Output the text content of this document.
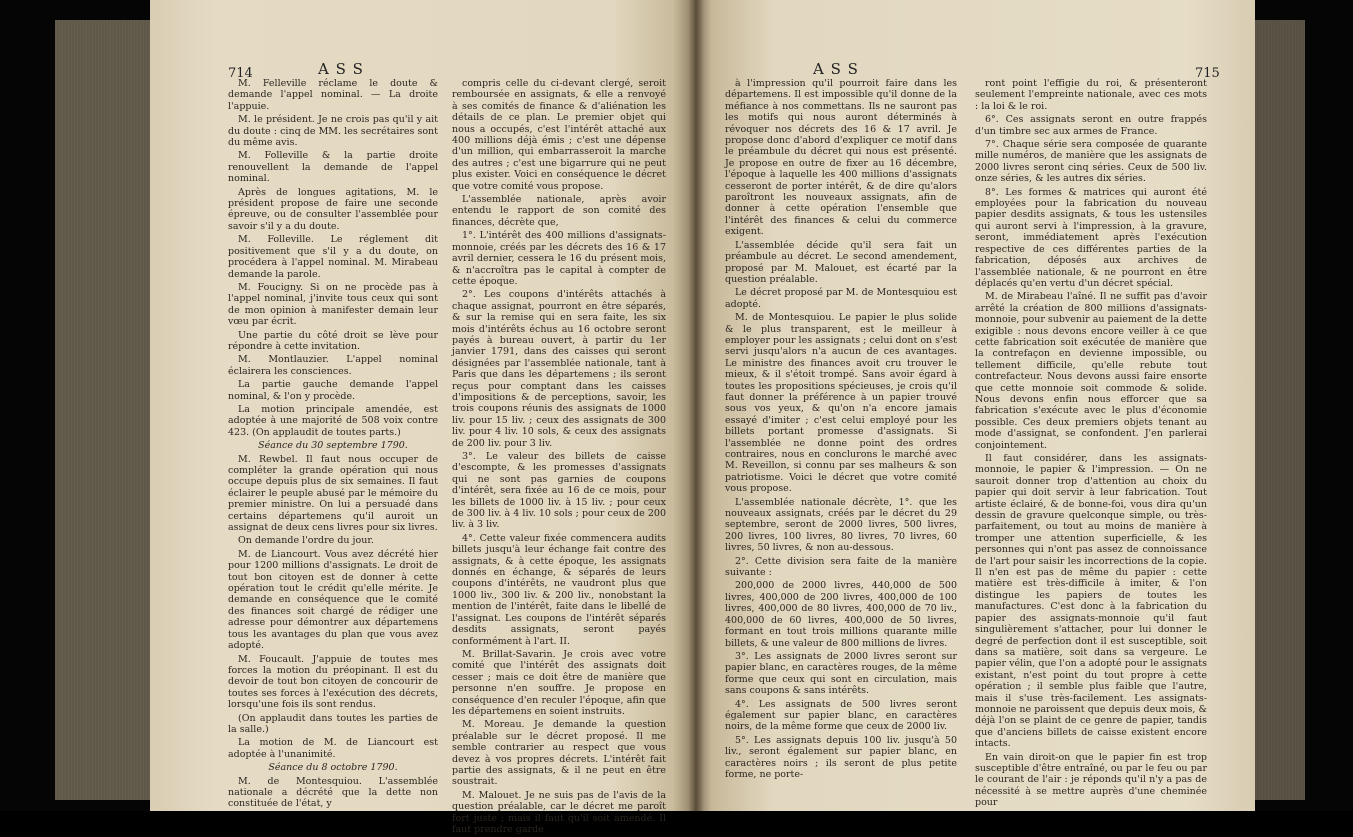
714	A S S

M. Felleville réclame le doute & demande l'appel nominal. — La droite l'appuie.

M. le président. Je ne crois pas qu'il y ait du doute : cinq de MM. les secrétaires sont du même avis.

M. Folleville & la partie droite renouvellent la demande de l'appel nominal.

Après de longues agitations, M. le président propose de faire une seconde épreuve, ou de consulter l'assemblée pour savoir s'il y a du doute.

M. Folleville. Le réglement dit positivement que s'il y a du doute, on procédera à l'appel nominal. M. Mirabeau demande la parole.

M. Foucigny. Si on ne procède pas à l'appel nominal, j'invite tous ceux qui sont de mon opinion à manifester demain leur vœu par écrit.

Une partie du côté droit se lève pour répondre à cette invitation.

M. Montlauzier. L'appel nominal éclairera les consciences.

La partie gauche demande l'appel nominal, & l'on y procède.

La motion principale amendée, est adoptée à une majorité de 508 voix contre 423. (On applaudit de toutes parts.)

Séance du 30 septembre 1790.

M. Rewbel. Il faut nous occuper de compléter la grande opération qui nous occupe depuis plus de six semaines. Il faut éclairer le peuple abusé par le mémoire du premier ministre. On lui a persuadé dans certains départemens qu'il auroit un assignat de deux cens livres pour six livres.

On demande l'ordre du jour.

M. de Liancourt. Vous avez décrété hier pour 1200 millions d'assignats. Le droit de tout bon citoyen est de donner à cette opération tout le crédit qu'elle mérite. Je demande en conséquence que le comité des finances soit chargé de rédiger une adresse pour démontrer aux départemens tous les avantages du plan que vous avez adopté.

M. Foucault. J'appuie de toutes mes forces la motion du préopinant. Il est du devoir de tout bon citoyen de concourir de toutes ses forces à l'exécution des décrets, lorsqu'une fois ils sont rendus.

(On applaudit dans toutes les parties de la salle.)

La motion de M. de Liancourt est adoptée à l'unanimité.

Séance du 8 octobre 1790.

M. de Montesquiou. L'assemblée nationale a décrété que la dette non constituée de l'état, y

compris celle du ci-devant clergé, seroit remboursée en assignats, & elle a renvoyé à ses comités de finance & d'aliénation les détails de ce plan. Le premier objet qui nous a occupés, c'est l'intérêt attaché aux 400 millions déjà émis ; c'est une dépense d'un million, qui embarrasseroit la marche des autres ; c'est une bigarrure qui ne peut plus exister. Voici en conséquence le décret que votre comité vous propose.

L'assemblée nationale, après avoir entendu le rapport de son comité des finances, décrète que,

1°. L'intérêt des 400 millions d'assignats-monnoie, créés par les décrets des 16 & 17 avril dernier, cessera le 16 du présent mois, & n'accroîtra pas le capital à compter de cette époque.

2°. Les coupons d'intérêts attachés à chaque assignat, pourront en être séparés, & sur la remise qui en sera faite, les six mois d'intérêts échus au 16 octobre seront payés à bureau ouvert, à partir du 1er janvier 1791, dans des caisses qui seront désignées par l'assemblée nationale, tant à Paris que dans les départemens ; ils seront reçus pour comptant dans les caisses d'impositions & de perceptions, savoir, les trois coupons réunis des assignats de 1000 liv. pour 15 liv. ; ceux des assignats de 300 liv. pour 4 liv. 10 sols, & ceux des assignats de 200 liv. pour 3 liv.

3°. Le valeur des billets de caisse d'escompte, & les promesses d'assignats qui ne sont pas garnies de coupons d'intérêt, sera fixée au 16 de ce mois, pour les billets de 1000 liv. à 15 liv. ; pour ceux de 300 liv. à 4 liv. 10 sols ; pour ceux de 200 liv. à 3 liv.

4°. Cette valeur fixée commencera audits billets jusqu'à leur échange fait contre des assignats, & à cette époque, les assignats donnés en échange, & séparés de leurs coupons d'intérêts, ne vaudront plus que 1000 liv., 300 liv. & 200 liv., nonobstant la mention de l'intérêt, faite dans le libellé de l'assignat. Les coupons de l'intérêt séparés desdits assignats, seront payés conformément à l'art. II.

M. Brillat-Savarin. Je crois avec votre comité que l'intérêt des assignats doit cesser ; mais ce doit être de manière que personne n'en souffre. Je propose en conséquence d'en reculer l'époque, afin que les départemens en soient instruits.

M. Moreau. Je demande la question préalable sur le décret proposé. Il me semble contrarier au respect que vous devez à vos propres décrets. L'intérêt fait partie des assignats, & il ne peut en être soustrait.

M. Malouet. Je ne suis pas de l'avis de la question préalable, car le décret me paroît fort juste ; mais il faut qu'il soit amendé. Il faut prendre garde

A S S	715

à l'impression qu'il pourroit faire dans les départemens. Il est impossible qu'il donne de la méfiance à nos commettans. Ils ne sauront pas les motifs qui nous auront déterminés à révoquer nos décrets des 16 & 17 avril. Je propose donc d'abord d'expliquer ce motif dans le préambule du décret qui nous est présenté. Je propose en outre de fixer au 16 décembre, l'époque à laquelle les 400 millions d'assignats cesseront de porter intérêt, & de dire qu'alors paroîtront les nouveaux assignats, afin de donner à cette opération l'ensemble que l'intérêt des finances & celui du commerce exigent.

L'assemblée décide qu'il sera fait un préambule au décret. Le second amendement, proposé par M. Malouet, est écarté par la question préalable.

Le décret proposé par M. de Montesquiou est adopté.

M. de Montesquiou. Le papier le plus solide & le plus transparent, est le meilleur à employer pour les assignats ; celui dont on s'est servi jusqu'alors n'a aucun de ces avantages. Le ministre des finances avoit cru trouver le mieux, & il s'étoit trompé. Sans avoir égard à toutes les propositions spécieuses, je crois qu'il faut donner la préférence à un papier trouvé sous vos yeux, & qu'on n'a encore jamais essayé d'imiter ; c'est celui employé pour les billets portant promesse d'assignats. Si l'assemblée ne donne point des ordres contraires, nous en conclurons le marché avec M. Reveillon, si connu par ses malheurs & son patriotisme. Voici le décret que votre comité vous propose.

L'assemblée nationale décrète, 1°. que les nouveaux assignats, créés par le décret du 29 septembre, seront de 2000 livres, 500 livres, 200 livres, 100 livres, 80 livres, 70 livres, 60 livres, 50 livres, & non au-dessous.

2°. Cette division sera faite de la manière suivante :

200,000 de 2000 livres, 440,000 de 500 livres, 400,000 de 200 livres, 400,000 de 100 livres, 400,000 de 80 livres, 400,000 de 70 liv., 400,000 de 60 livres, 400,000 de 50 livres, formant en tout trois millions quarante mille billets, & une valeur de 800 millions de livres.

3°. Les assignats de 2000 livres seront sur papier blanc, en caractères rouges, de la même forme que ceux qui sont en circulation, mais sans coupons & sans intérêts.

4°. Les assignats de 500 livres seront également sur papier blanc, en caractères noirs, de la même forme que ceux de 2000 liv.

5°. Les assignats depuis 100 liv. jusqu'à 50 liv., seront également sur papier blanc, en caractères noirs ; ils seront de plus petite forme, ne porte-

ront point l'effigie du roi, & présenteront seulement l'empreinte nationale, avec ces mots : la loi & le roi.

6°. Ces assignats seront en outre frappés d'un timbre sec aux armes de France.

7°. Chaque série sera composée de quarante mille numéros, de manière que les assignats de 2000 livres seront cinq séries. Ceux de 500 liv. onze séries, & les autres dix séries.

8°. Les formes & matrices qui auront été employées pour la fabrication du nouveau papier desdits assignats, & tous les ustensiles qui auront servi à l'impression, à la gravure, seront, immédiatement après l'exécution respective de ces différentes parties de la fabrication, déposés aux archives de l'assemblée nationale, & ne pourront en être déplacés qu'en vertu d'un décret spécial.

M. de Mirabeau l'aîné. Il ne suffit pas d'avoir arrêté la création de 800 millions d'assignats-monnoie, pour subvenir au paiement de la dette exigible : nous devons encore veiller à ce que cette fabrication soit exécutée de manière que la contrefaçon en devienne impossible, ou tellement difficile, qu'elle rebute tout contrefacteur. Nous devons aussi faire ensorte que cette monnoie soit commode & solide. Nous devons enfin nous efforcer que sa fabrication s'exécute avec le plus d'économie possible. Ces deux premiers objets tenant au mode d'assignat, se confondent. J'en parlerai conjointement.

Il faut considérer, dans les assignats-monnoie, le papier & l'impression. — On ne sauroit donner trop d'attention au choix du papier qui doit servir à leur fabrication. Tout artiste éclairé, & de bonne-foi, vous dira qu'un dessin de gravure quelconque simple, ou très-parfaitement, ou tout au moins de manière à tromper une attention superficielle, & les personnes qui n'ont pas assez de connoissance de l'art pour saisir les incorrections de la copie. Il n'en est pas de même du papier : cette matière est très-difficile à imiter, & l'on distingue les papiers de toutes les manufactures. C'est donc à la fabrication du papier des assignats-monnoie qu'il faut singulièrement s'attacher, pour lui donner le degré de perfection dont il est susceptible, soit dans sa matière, soit dans sa vergeure. Le papier vélin, que l'on a adopté pour le assignats existant, n'est point du tout propre à cette opération ; il semble plus faible que l'autre, mais il s'use très-facilement. Les assignats-monnoie ne paroissent que depuis deux mois, & déjà l'on se plaint de ce genre de papier, tandis que d'anciens billets de caisse existent encore intacts.

En vain diroit-on que le papier fin est trop susceptible d'être entraîné, ou par le feu ou par le courant de l'air : je réponds qu'il n'y a pas de nécessité à se mettre auprès d'une cheminée pour
